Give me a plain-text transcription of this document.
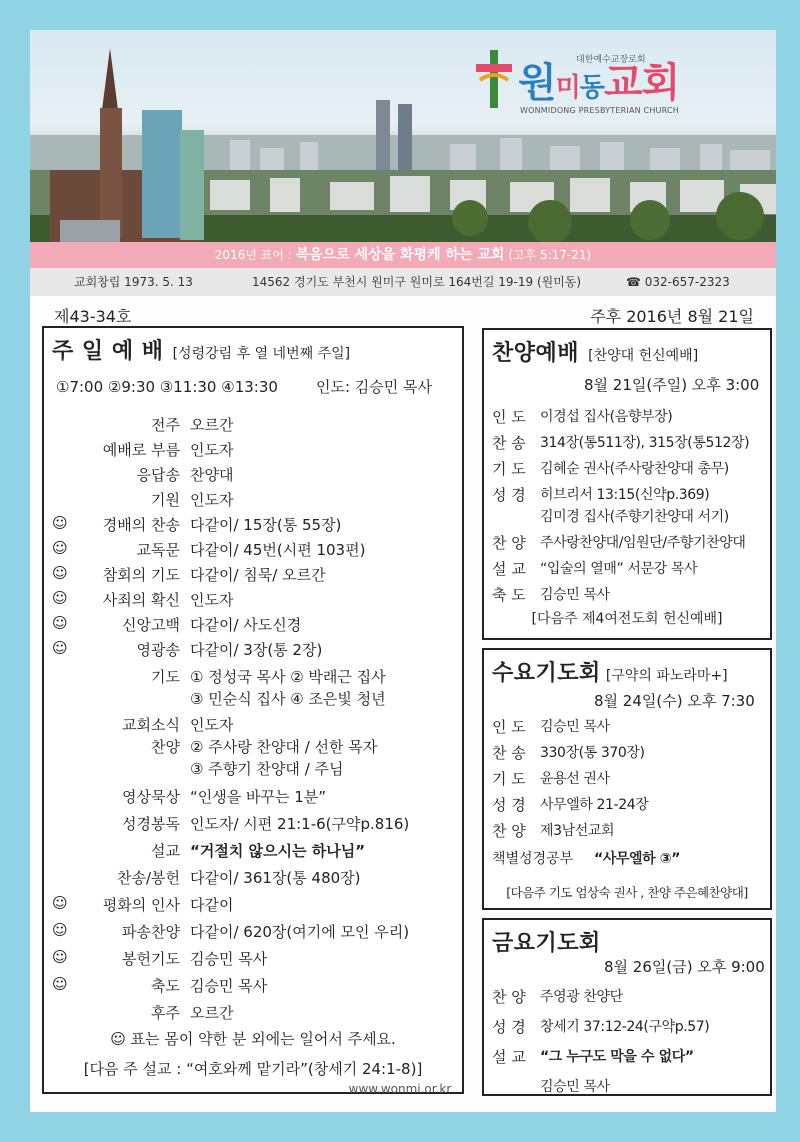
대한예수교장로회
원미동교회
WONMIDONG PRESBYTERIAN CHURCH
2016년 표어 : 복음으로 세상을 화평케 하는 교회 (고후 5:17-21)
교회창립 1973. 5. 13	14562 경기도 부천시 원미구 원미로 164번길 19-19 (원미동)	☎ 032-657-2323
제43-34호	주후 2016년 8월 21일
주 일 예 배 [성령강림 후 열 네번째 주일]
①7:00 ②9:30 ③11:30 ④13:30	인도: 김승민 목사
전주 오르간
예배로 부름 인도자
응답송 찬양대
기원 인도자
☺	경배의 찬송 다같이/ 15장(통 55장)
☺	교독문 다같이/ 45번(시편 103편)
☺	참회의 기도 다같이/ 침묵/ 오르간
☺	사죄의 확신 인도자
☺	신앙고백 다같이/ 사도신경
☺	영광송 다같이/ 3장(통 2장)
기도 ① 정성국 목사 ② 박래근 집사
③ 민순식 집사 ④ 조은빛 청년
교회소식 인도자
찬양 ② 주사랑 찬양대 / 선한 목자
③ 주향기 찬양대 / 주님
영상묵상 “인생을 바꾸는 1분”
성경봉독 인도자/ 시편 21:1-6(구약p.816)
설교 “거절치 않으시는 하나님”
찬송/봉헌 다같이/ 361장(통 480장)
☺	평화의 인사 다같이
☺	파송찬양 다같이/ 620장(여기에 모인 우리)
☺	봉헌기도 김승민 목사
☺	축도 김승민 목사
후주 오르간
☺ 표는 몸이 약한 분 외에는 일어서 주세요.
[다음 주 설교 : “여호와께 맡기라”(창세기 24:1-8)]
찬양예배 [찬양대 헌신예배]
8월 21일(주일) 오후 3:00
인 도 이경섭 집사(음향부장)
찬 송 314장(통511장), 315장(통512장)
기 도 김혜순 권사(주사랑찬양대 총무)
성 경 히브리서 13:15(신약p.369)
김미경 집사(주향기찬양대 서기)
찬 양 주사랑찬양대/임원단/주향기찬양대
설 교 “입술의 열매” 서문강 목사
축 도 김승민 목사
[다음주 제4여전도회 헌신예배]
수요기도회 [구약의 파노라마+]
8월 24일(수) 오후 7:30
인 도 김승민 목사
찬 송 330장(통 370장)
기 도 윤용선 권사
성 경 사무엘하 21-24장
찬 양 제3남선교회
책별성경공부 “사무엘하 ③”
[다음주 기도 엄상숙 권사 , 찬양 주은혜찬양대]
금요기도회
8월 26일(금) 오후 9:00
찬 양 주영광 찬양단
성 경 창세기 37:12-24(구약p.57)
설 교 “그 누구도 막을 수 없다”
김승민 목사
www.wonmi.or.kr
